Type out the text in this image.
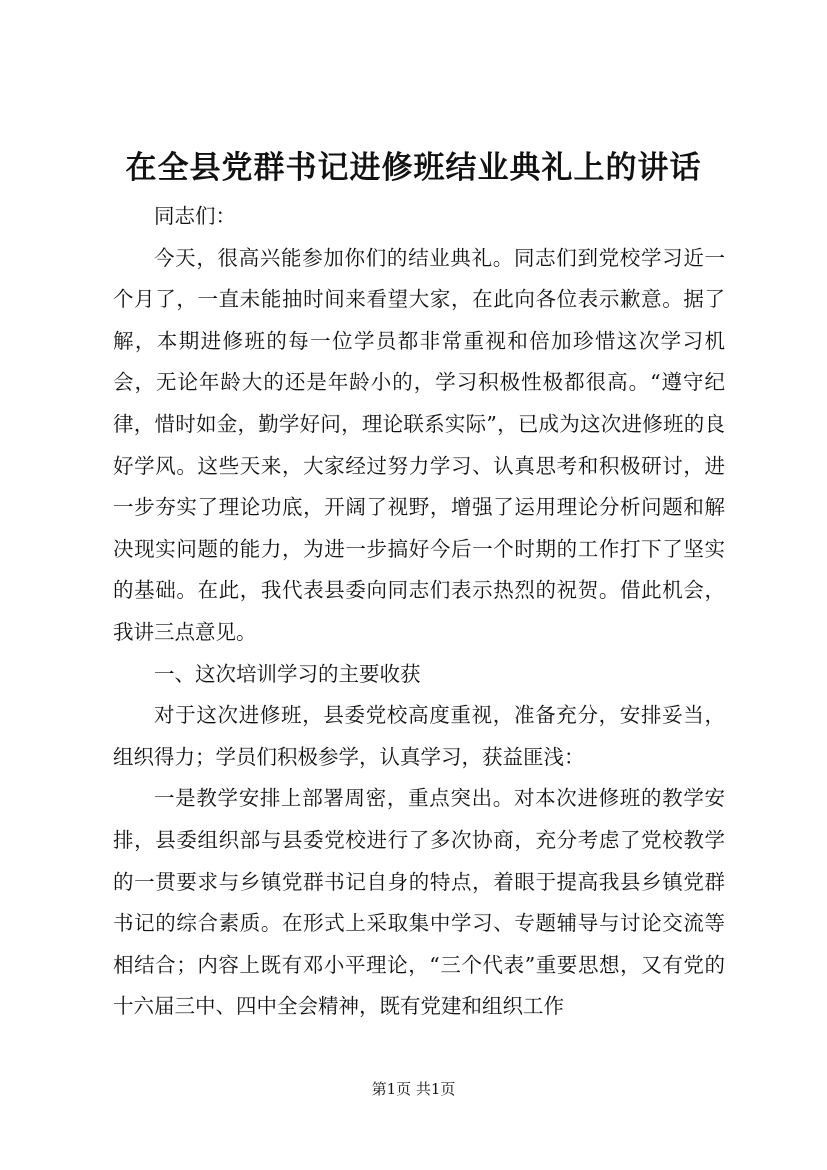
在全县党群书记进修班结业典礼上的讲话

同志们：

今天，很高兴能参加你们的结业典礼。同志们到党校学习近一个月了，一直未能抽时间来看望大家，在此向各位表示歉意。据了解，本期进修班的每一位学员都非常重视和倍加珍惜这次学习机会，无论年龄大的还是年龄小的，学习积极性极都很高。“遵守纪律，惜时如金，勤学好问，理论联系实际”，已成为这次进修班的良好学风。这些天来，大家经过努力学习、认真思考和积极研讨，进一步夯实了理论功底，开阔了视野，增强了运用理论分析问题和解决现实问题的能力，为进一步搞好今后一个时期的工作打下了坚实的基础。在此，我代表县委向同志们表示热烈的祝贺。借此机会，我讲三点意见。

一、这次培训学习的主要收获

对于这次进修班，县委党校高度重视，准备充分，安排妥当，组织得力；学员们积极参学，认真学习，获益匪浅：

一是教学安排上部署周密，重点突出。对本次进修班的教学安排，县委组织部与县委党校进行了多次协商，充分考虑了党校教学的一贯要求与乡镇党群书记自身的特点，着眼于提高我县乡镇党群书记的综合素质。在形式上采取集中学习、专题辅导与讨论交流等相结合；内容上既有邓小平理论，“三个代表”重要思想，又有党的十六届三中、四中全会精神，既有党建和组织工作

第1页 共1页
